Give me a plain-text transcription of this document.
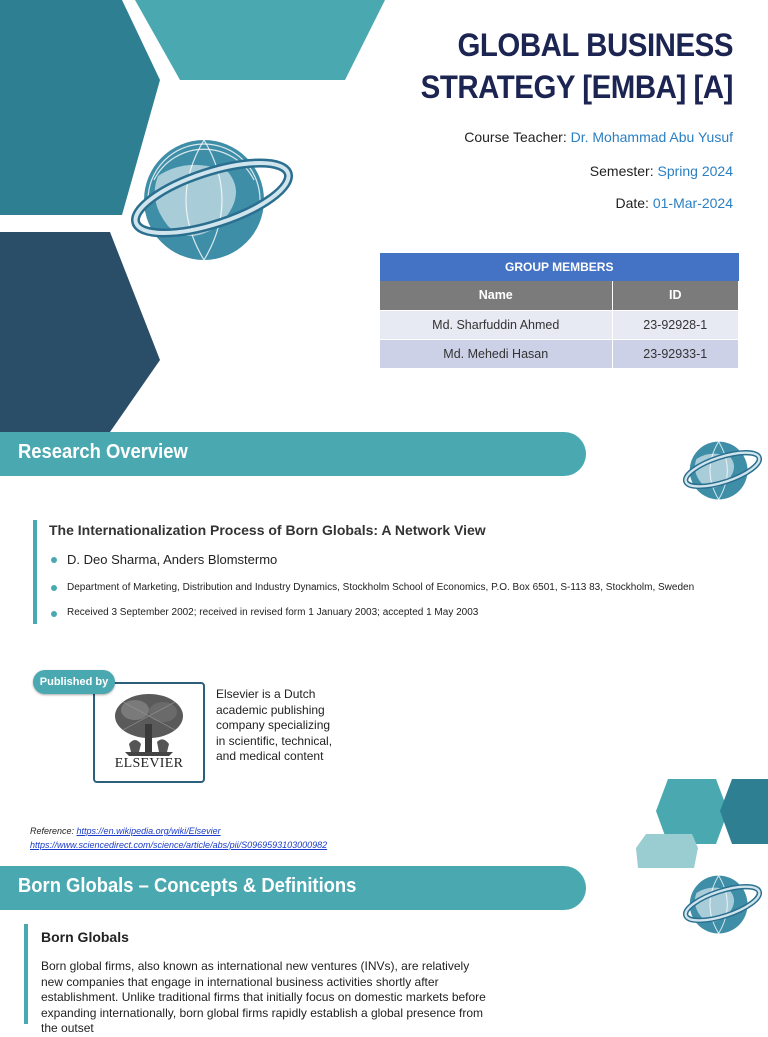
GLOBAL BUSINESS
STRATEGY [EMBA] [A]
Course Teacher: Dr. Mohammad Abu Yusuf
Semester: Spring 2024
Date: 01-Mar-2024
GROUP MEMBERS	
Name	ID
Md. Sharfuddin Ahmed	23-92928-1
Md. Mehedi Hasan	23-92933-1
Research Overview
The Internationalization Process of Born Globals: A Network View
D. Deo Sharma, Anders Blomstermo
Department of Marketing, Distribution and Industry Dynamics, Stockholm School of Economics, P.O. Box 6501, S-113 83, Stockholm, Sweden
Received 3 September 2002; received in revised form 1 January 2003; accepted 1 May 2003
ELSEVIER
Published by
Elsevier is a Dutch academic publishing company specializing in scientific, technical, and medical content
Reference: https://en.wikipedia.org/wiki/Elsevier
https://www.sciencedirect.com/science/article/abs/pii/S0969593103000982
Born Globals – Concepts & Definitions
Born Globals
Born global firms, also known as international new ventures (INVs), are relatively new companies that engage in international business activities shortly after establishment. Unlike traditional firms that initially focus on domestic markets before expanding internationally, born global firms rapidly establish a global presence from the outset
